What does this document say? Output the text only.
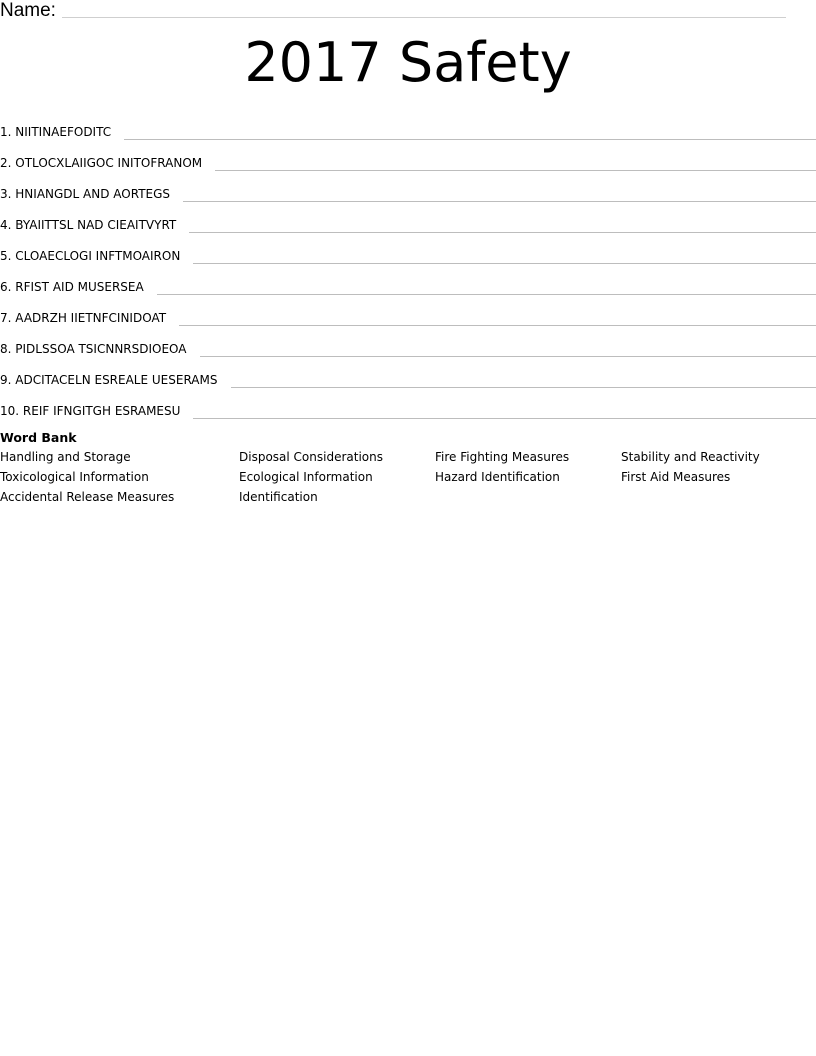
Name:
2017 Safety
1. NIITINAEFODITC
2. OTLOCXLAIIGOC INITOFRANOM
3. HNIANGDL AND AORTEGS
4. BYAIITTSL NAD CIEAITVYRT
5. CLOAECLOGI INFTMOAIRON
6. RFIST AID MUSERSEA
7. AADRZH IIETNFCINIDOAT
8. PIDLSSOA TSICNNRSDIOEOA
9. ADCITACELN ESREALE UESERAMS
10. REIF IFNGITGH ESRAMESU
Word Bank
Handling and Storage	Disposal Considerations	Fire Fighting Measures	Stability and Reactivity
Toxicological Information	Ecological Information	Hazard Identification	First Aid Measures
Accidental Release Measures	Identification
